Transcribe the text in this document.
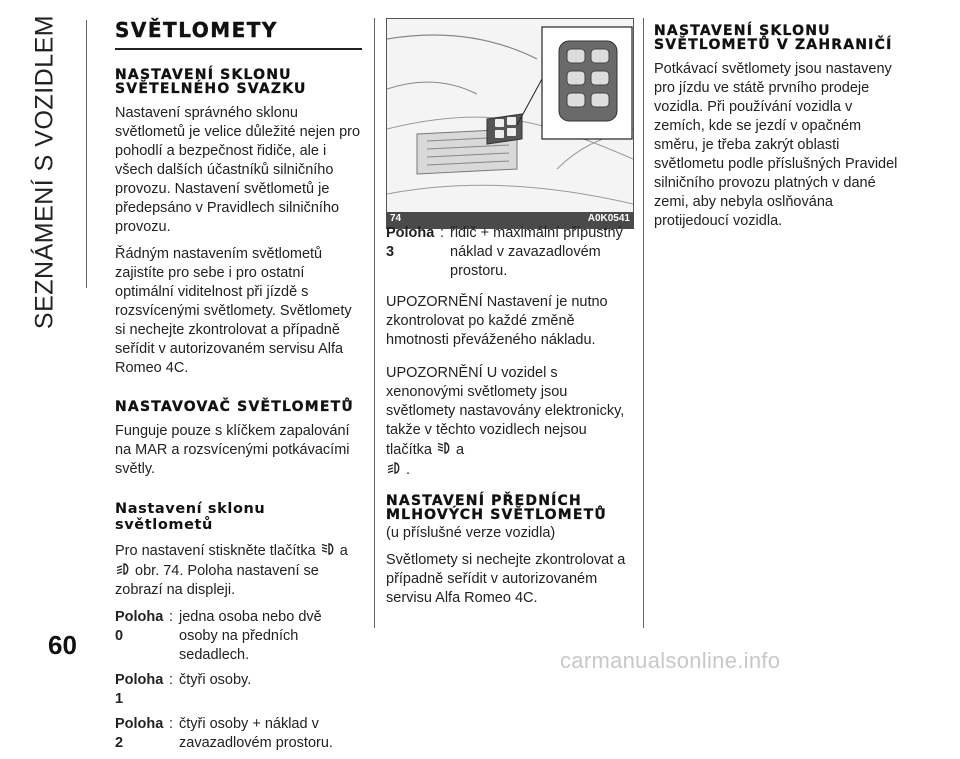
SEZNÁMENÍ S VOZIDLEM
60
SVĚTLOMETY
NASTAVENÍ SKLONU SVĚTELNÉHO SVAZKU

Nastavení správného sklonu světlometů je velice důležité nejen pro pohodlí a bezpečnost řidiče, ale i všech dalších účastníků silničního provozu. Nastavení světlometů je předepsáno v Pravidlech silničního provozu.

Řádným nastavením světlometů zajistíte pro sebe i pro ostatní optimální viditelnost při jízdě s rozsvícenými světlomety. Světlomety si nechejte zkontrolovat a případně seřídit v autorizovaném servisu Alfa Romeo 4C.

NASTAVOVAČ SVĚTLOMETŮ

Funguje pouze s klíčkem zapalování na MAR a rozsvícenými potkávacími světly.

Nastavení sklonu světlometů

Pro nastavení stiskněte tlačítka a
obr. 74. Poloha nastavení se zobrazí na displeji.

Poloha 0
: jedna osoba nebo dvě osoby na předních sedadlech.
Poloha 1
: čtyři osoby.
Poloha 2
: čtyři osoby + náklad v zavazadlovém prostoru.
74	A0K0541
Poloha 3
: řidič + maximální přípustný náklad v zavazadlovém prostoru.

UPOZORNĚNÍ Nastavení je nutno zkontrolovat po každé změně hmotnosti převáženého nákladu.

UPOZORNĚNÍ U vozidel s xenonovými světlomety jsou světlomety nastavovány elektronicky, takže v těchto vozidlech nejsou tlačítka a
.

NASTAVENÍ PŘEDNÍCH MLHOVÝCH SVĚTLOMETŮ

(u příslušné verze vozidla)

Světlomety si nechejte zkontrolovat a případně seřídit v autorizovaném servisu Alfa Romeo 4C.

NASTAVENÍ SKLONU SVĚTLOMETŮ V ZAHRANIČÍ

Potkávací světlomety jsou nastaveny pro jízdu ve státě prvního prodeje vozidla. Při používání vozidla v zemích, kde se jezdí v opačném směru, je třeba zakrýt oblasti světlometu podle příslušných Pravidel silničního provozu platných v dané zemi, aby nebyla oslňována protijedoucí vozidla.

carmanualsonline.info
